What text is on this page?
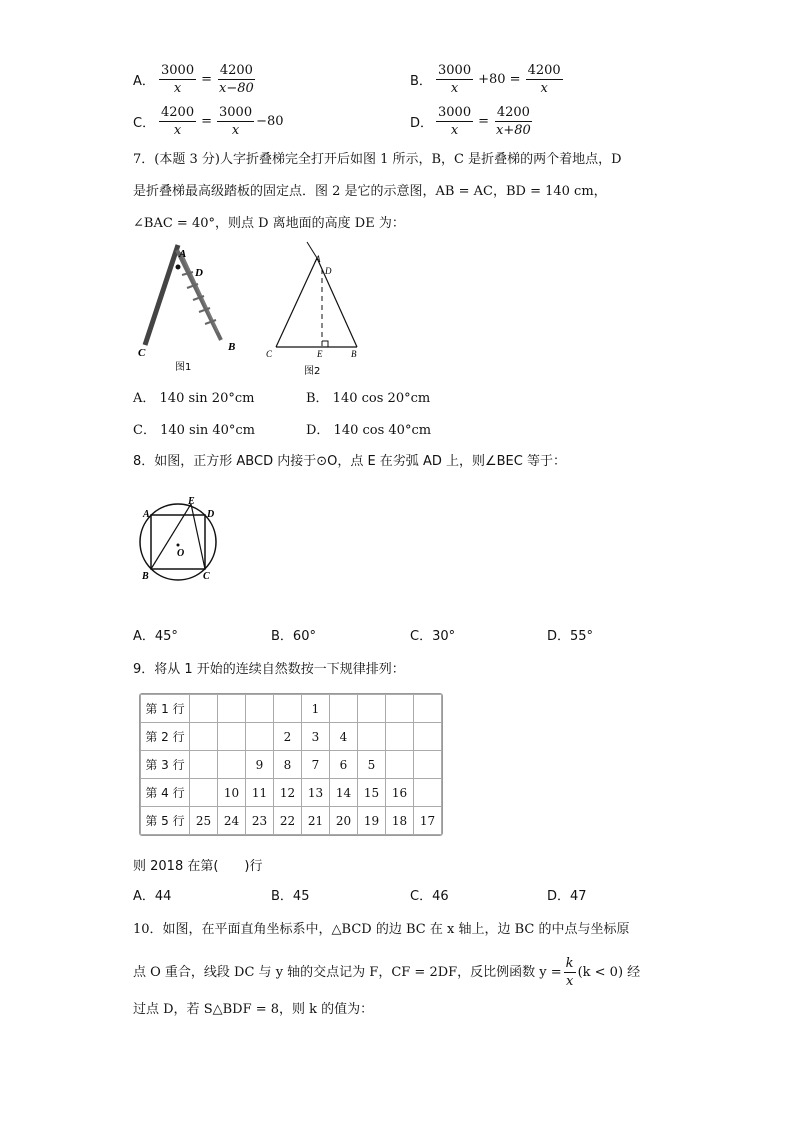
A． $\frac{3000}{x} = \frac{4200}{x-80}$	B． $\frac{3000}{x} +80 = \frac{4200}{x}$
C． $\frac{4200}{x} = \frac{3000}{x} -80$	D． $\frac{3000}{x} = \frac{4200}{x+80}$
7．(本题 3 分)人字折叠梯完全打开后如图 1 所示，B，C 是折叠梯的两个着地点，D
是折叠梯最高级踏板的固定点．图 2 是它的示意图，AB = AC，BD = 140 cm，
∠BAC = 40°，则点 D 离地面的高度 DE 为：
A
D
B
C
图1
A
D
C	E	B
图2
A． 140 sin 20°cm	B． 140 cos 20°cm
C． 140 sin 40°cm	D． 140 cos 40°cm
8．如图，正方形 ABCD 内接于⊙O，点 E 在劣弧 AD 上，则∠BEC 等于：
E
A	D
B	C
O
A．45°	B．60°	C．30°	D．55°
9．将从 1 开始的连续自然数按一下规律排列：
第 1 行					1				
第 2 行				2	3	4			
第 3 行			9	8	7	6	5		
第 4 行		10	11	12	13	14	15	16	
第 5 行	25	24	23	22	21	20	19	18	17
则 2018 在第(　　)行
A．44	B．45	C．46	D．47
10．如图，在平面直角坐标系中，△BCD 的边 BC 在 x 轴上，边 BC 的中点与坐标原
点 O 重合，线段 DC 与 y 轴的交点记为 F，CF = 2DF，反比例函数 $y = \frac{k}{x} (k < 0)$ 经
过点 D，若 S△BDF = 8，则 k 的值为：
